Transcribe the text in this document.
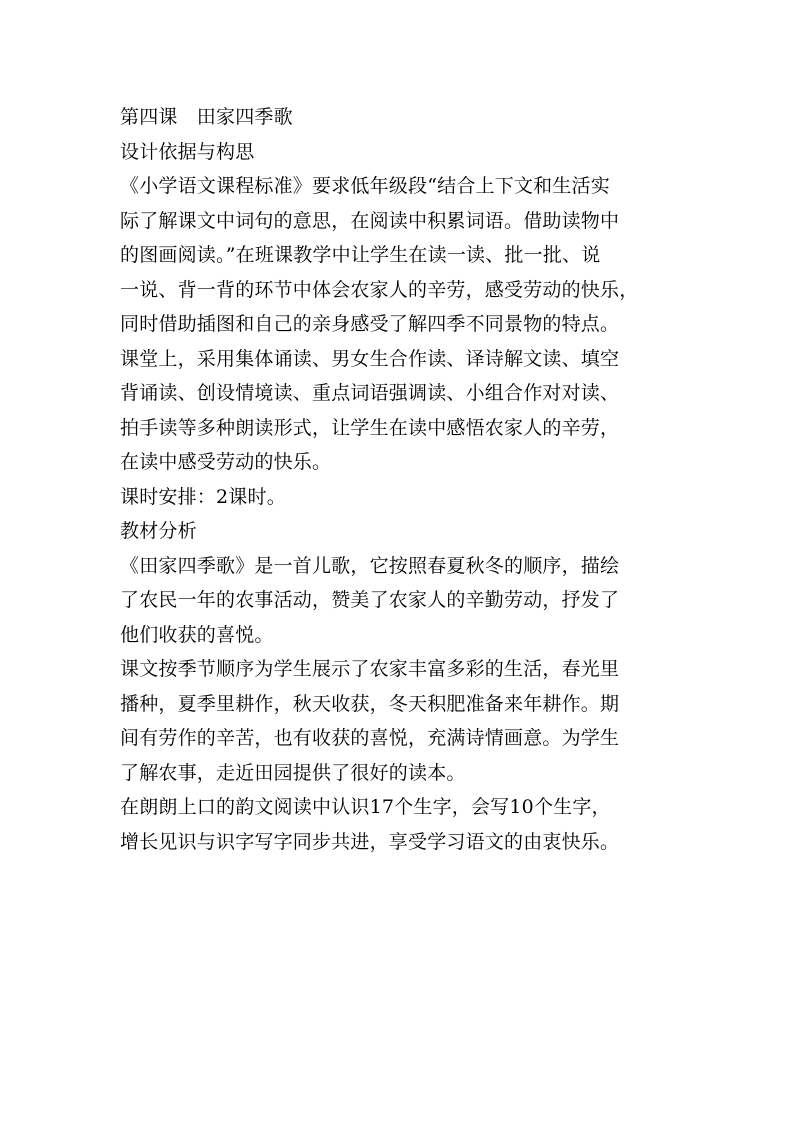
第四课　田家四季歌
设计依据与构思
《小学语文课程标准》要求低年级段“结合上下文和生活实
际了解课文中词句的意思，在阅读中积累词语。借助读物中
的图画阅读。”在班课教学中让学生在读一读、批一批、说
一说、背一背的环节中体会农家人的辛劳，感受劳动的快乐，
同时借助插图和自己的亲身感受了解四季不同景物的特点。
课堂上，采用集体诵读、男女生合作读、译诗解文读、填空
背诵读、创设情境读、重点词语强调读、小组合作对对读、
拍手读等多种朗读形式，让学生在读中感悟农家人的辛劳，
在读中感受劳动的快乐。
课时安排：2课时。
教材分析
《田家四季歌》是一首儿歌，它按照春夏秋冬的顺序，描绘
了农民一年的农事活动，赞美了农家人的辛勤劳动，抒发了
他们收获的喜悦。
课文按季节顺序为学生展示了农家丰富多彩的生活，春光里
播种，夏季里耕作，秋天收获，冬天积肥准备来年耕作。期
间有劳作的辛苦，也有收获的喜悦，充满诗情画意。为学生
了解农事，走近田园提供了很好的读本。
在朗朗上口的韵文阅读中认识17个生字，会写10个生字，
增长见识与识字写字同步共进，享受学习语文的由衷快乐。
